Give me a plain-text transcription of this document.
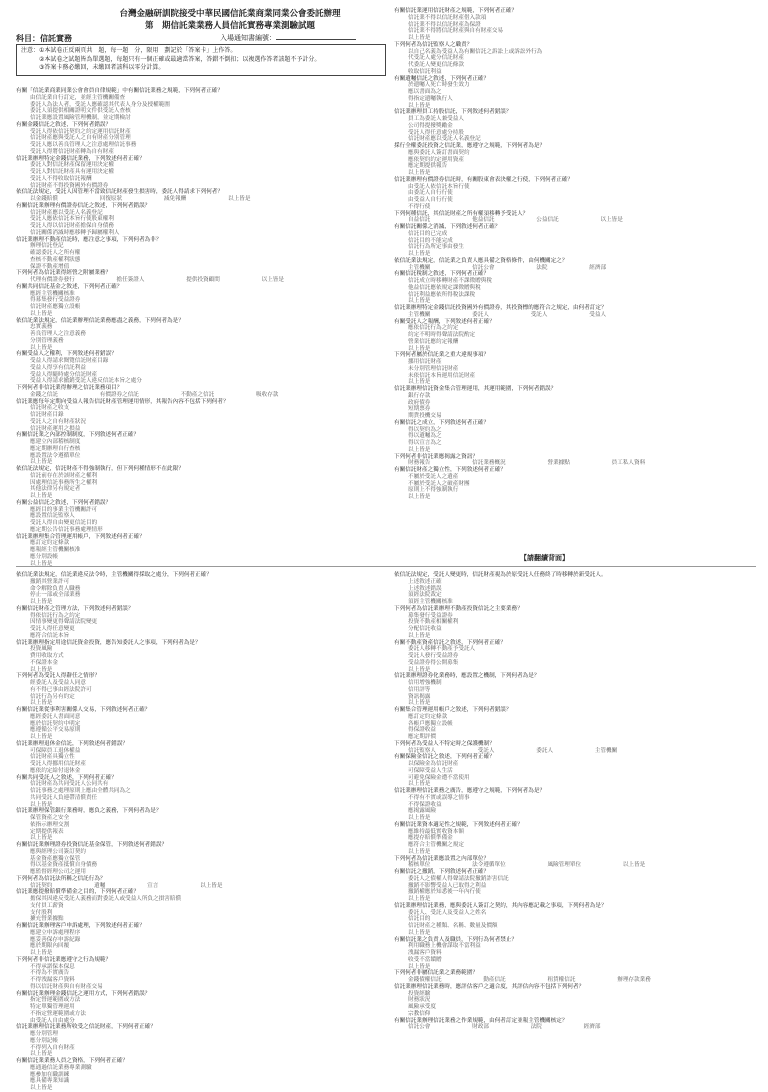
台灣金融研訓院接受中華民國信託業商業同業公會委託辦理
第　期信託業業務人員信託實務專業測驗試題
科目：信託實務	入場通知書編號：
注意：①本試卷正反兩頁共　題，每一題　分，限用　劃記於「答案卡」上作答。
　　　②本試卷之試題皆為單選題，每題只有一個正確或最適當答案，答錯不倒扣；以複選作答者該題不予計分。
　　　③答案卡務必繳回，未繳回者該科以零分計算。
有關「信託業商業同業公會會員自律規範」中有關信託業務之規範，下列何者正確？
由信託業自行訂定，並經主管機關備查
委託人為法人者，受託人應確認其代表人身分及授權範圍
委託人須提供相關證明文件供受託人查核
信託業應設置風險管理機制，並定期檢討
有關金錢信託之敘述，下列何者錯誤？
受託人得依信託契約之約定運用信託財產
信託財產應與受託人之自有財產分別管理
受託人應以善良管理人之注意處理信託事務
受託人得將信託財產轉為自有財產
信託業辦理特定金錢信託業務，下列敘述何者正確？
委託人對信託財產保留運用決定權
受託人對信託財產具有運用決定權
受託人不得收取信託報酬
信託財產不得投資國外有價證券
依信託法規定，受託人因管理不當致信託財產發生損害時，委託人得請求下列何者？
以金錢賠償 回復原狀 減免報酬 以上皆是
有關信託業辦理有價證券信託之敘述，下列何者錯誤？
信託財產應以受託人名義登記
受託人應依信託本旨行使股東權利
受託人得以信託財產擔保自身債務
信託關係消滅時應移轉予歸屬權利人
信託業辦理不動產信託時，應注意之事項，下列何者為非？
辦理信託登記
確認委託人之所有權
查核不動產權利狀態
保證不動產增值
下列何者為信託業得經營之附屬業務？
代理有價證券發行 擔任簽證人 提供投資顧問 以上皆是
有關共同信託基金之敘述，下列何者正確？
應經主管機關核准
得募集發行受益證券
信託財產應獨立設帳
以上皆是
依信託業法規定，信託業辦理信託業務應盡之義務，下列何者為是？
忠實義務
善良管理人之注意義務
分別管理義務
以上皆是
有關受益人之權利，下列敘述何者錯誤？
受益人得請求閱覽信託財產目錄
受益人得享有信託利益
受益人得隨時處分信託財產
受益人得請求撤銷受託人違反信託本旨之處分
下列何者非信託業得辦理之信託業務項目？
金錢之信託 有價證券之信託 不動產之信託 吸收存款
信託業應每年定期向受益人報告信託財產管理運用情形，其報告內容不包括下列何者？
信託財產之收支
信託財產目錄
受託人之自有財產狀況
信託財產運用之損益
有關信託業之內部控制制度，下列敘述何者正確？
應建立內部稽核制度
應定期辦理自行查核
應設置法令遵循單位
以上皆是
依信託法規定，信託財產不得強制執行，但下列何種情形不在此限？
信託前存在於該財產之權利
因處理信託事務所生之權利
其他法律另有規定者
以上皆是
有關公益信託之敘述，下列何者錯誤？
應經目的事業主管機關許可
應設置信託監察人
受託人得自由變更信託目的
應定期公告信託事務處理情形
信託業辦理集合管理運用帳戶，下列敘述何者正確？
應訂定約定條款
應報經主管機關核准
應分別設帳
以上皆是
有關信託業運用信託財產之規範，下列何者正確？
信託業不得以信託財產借入款項
信託業不得以信託財產為保證
信託業不得將信託財產與自有財產交易
以上皆是
下列何者為信託監察人之職責？
以自己名義為受益人為有關信託之訴訟上或訴訟外行為
代受託人處分信託財產
代委託人變更信託條款
收取信託利益
有關遺囑信託之敘述，下列何者正確？
於遺囑人死亡時發生效力
應以書面為之
得指定遺囑執行人
以上皆是
信託業辦理員工持股信託，下列敘述何者錯誤？
員工為委託人兼受益人
公司得提撥獎勵金
受託人得任意處分持股
信託財產應以受託人名義登記
採行全權委託投資之信託業，應遵守之規範，下列何者為是？
應與委託人簽訂書面契約
應依契約約定運用資產
應定期提供報告
以上皆是
信託業辦理有價證券信託時，有關股東會表決權之行使，下列何者正確？
由受託人依信託本旨行使
由委託人自行行使
由受益人自行行使
不得行使
下列何種信託，其信託財產之所有權須移轉予受託人？
自益信託 他益信託 公益信託 以上皆是
有關信託關係之消滅，下列敘述何者正確？
信託目的已完成
信託目的不能完成
信託行為所定事由發生
以上皆是
依信託業法規定，信託業之負責人應具備之資格條件，由何機關定之？
主管機關 信託公會 法院 經濟部
有關信託稅制之敘述，下列何者正確？
信託成立時移轉財產不課徵贈與稅
他益信託應依規定課徵贈與稅
信託利益應依所得稅法課稅
以上皆是
信託業辦理特定金錢信託投資國外有價證券，其投資標的應符合之規定，由何者訂定？
主管機關 委託人 受託人 受益人
有關受託人之報酬，下列敘述何者正確？
應依信託行為之約定
約定不明時得聲請法院酌定
營業信託應約定報酬
以上皆是
下列何者屬於信託業之重大違規事項？
挪用信託財產
未分別管理信託財產
未依信託本旨運用信託財產
以上皆是
信託業辦理信託資金集合管理運用，其運用範圍，下列何者錯誤？
銀行存款
政府債券
短期票券
期貨投機交易
有關信託之成立，下列敘述何者正確？
得以契約為之
得以遺囑為之
得以宣言為之
以上皆是
下列何者非信託業應揭露之資訊？
財務報告 信託業務概況 營業據點 員工私人資料
有關信託財產之獨立性，下列敘述何者正確？
不屬於受託人之遺產
不屬於受託人之破產財團
原則上不得強制執行
以上皆是
【請翻續背面】
依信託業法規定，信託業違反法令時，主管機關得採取之處分，下列何者正確？
撤銷其營業許可
命令解除負責人職務
停止一部或全部業務
以上皆是
有關信託財產之管理方法，下列敘述何者錯誤？
得依信託行為之約定
因情事變更得聲請法院變更
受託人得任意變更
應符合信託本旨
信託業辦理指定用途信託資金投資，應告知委託人之事項，下列何者為是？
投資風險
費用收取方式
不保證本金
以上皆是
下列何者為受託人得辭任之情形？
經委託人及受益人同意
有不得已事由經法院許可
信託行為另有約定
以上皆是
有關信託業從事利害關係人交易，下列敘述何者正確？
應經委託人書面同意
應於信託契約中明定
應遵循公平交易原則
以上皆是
信託業辦理退休金信託，下列敘述何者錯誤？
可保障員工退休權益
信託財產具獨立性
受託人得挪用信託財產
應依約定給付退休金
有關共同受託人之敘述，下列何者正確？
信託財產為共同受託人公同共有
信託事務之處理原則上應由全體共同為之
共同受託人負連帶清償責任
以上皆是
信託業辦理保管銀行業務時，應負之義務，下列何者為是？
保管資產之安全
依指示辦理交割
定期提供報表
以上皆是
有關信託業辦理證券投資信託基金保管，下列敘述何者錯誤？
應與經理公司簽訂契約
基金資產應獨立保管
得以基金資產抵償自身債務
應監督經理公司之運用
下列何者為信託法所稱之信託行為？
信託契約 遺囑 宣言 以上皆是
信託業應提撥賠償準備金之目的，下列何者正確？
擔保其因違反受託人義務而對委託人或受益人所負之損害賠償
支付員工薪資
支付股利
擴充營業據點
有關信託業辦理客戶申訴處理，下列敘述何者正確？
應建立申訴處理程序
應妥善保存申訴紀錄
應於期限內回覆
以上皆是
下列何者非信託業應遵守之行為規範？
不得承諾保本保息
不得為不實廣告
不得洩漏客戶資料
得以信託財產與自有財產交易
有關信託業辦理金錢信託之運用方式，下列何者錯誤？
指定營運範圍或方法
特定單獨管理運用
不指定營運範圍或方法
由受託人自由處分
信託業辦理信託業務所收受之信託財產，下列何者正確？
應分別管理
應分別記帳
不得列入自有財產
以上皆是
有關信託業業務人員之資格，下列何者正確？
應通過信託業務專業測驗
應參加在職訓練
應具備專業知識
以上皆是
依信託法規定，受託人變更時，信託財產視為於原受託人任務終了時移轉於新受託人。
上述敘述正確
上述敘述錯誤
須經法院裁定
須經主管機關核准
下列何者為信託業辦理不動產投資信託之主要業務？
募集發行受益證券
投資不動產相關權利
分配信託收益
以上皆是
有關不動產資產信託之敘述，下列何者正確？
委託人移轉不動產予受託人
受託人發行受益證券
受益證券得公開募集
以上皆是
信託業辦理證券化業務時，應設置之機制，下列何者為是？
信用增強機制
信用評等
資訊揭露
以上皆是
有關集合管理運用帳戶之敘述，下列何者錯誤？
應訂定約定條款
各帳戶應獨立設帳
得保證收益
應定期評價
下列何者為受益人不特定時之保護機制？
信託監察人 受託人 委託人 主管機關
有關保險金信託之敘述，下列何者正確？
以保險金為信託財產
可保障受益人生活
可避免保險金遭不當使用
以上皆是
信託業辦理信託業務之廣告，應遵守之規範，下列何者為是？
不得有不實或誤導之情事
不得保證收益
應揭露風險
以上皆是
有關信託業資本適足性之規範，下列敘述何者正確？
應維持最低實收資本額
應提存賠償準備金
應符合主管機關之規定
以上皆是
下列何者為信託業應設置之內部單位？
稽核單位 法令遵循單位 風險管理單位 以上皆是
有關信託之撤銷，下列敘述何者正確？
委託人之債權人得聲請法院撤銷詐害信託
撤銷不影響受益人已取得之利益
撤銷權應於知悉後一年內行使
以上皆是
信託業辦理信託業務，應與委託人簽訂之契約，其內容應記載之事項，下列何者為是？
委託人、受託人及受益人之姓名
信託目的
信託財產之種類、名稱、數量及價額
以上皆是
有關信託業之負責人及職員，下列行為何者禁止？
利用職務上機會謀取不當利益
洩漏客戶資料
收受不當饋贈
以上皆是
下列何者非屬信託業之業務範圍？
金錢債權信託 動產信託 租賃權信託 辦理存款業務
信託業辦理信託業務時，應評估客戶之適合度，其評估內容不包括下列何者？
投資經驗
財務狀況
風險承受度
宗教信仰
有關信託業辦理信託業務之作業規範，由何者訂定並報主管機關核定？
信託公會 財政部 法院 經濟部
